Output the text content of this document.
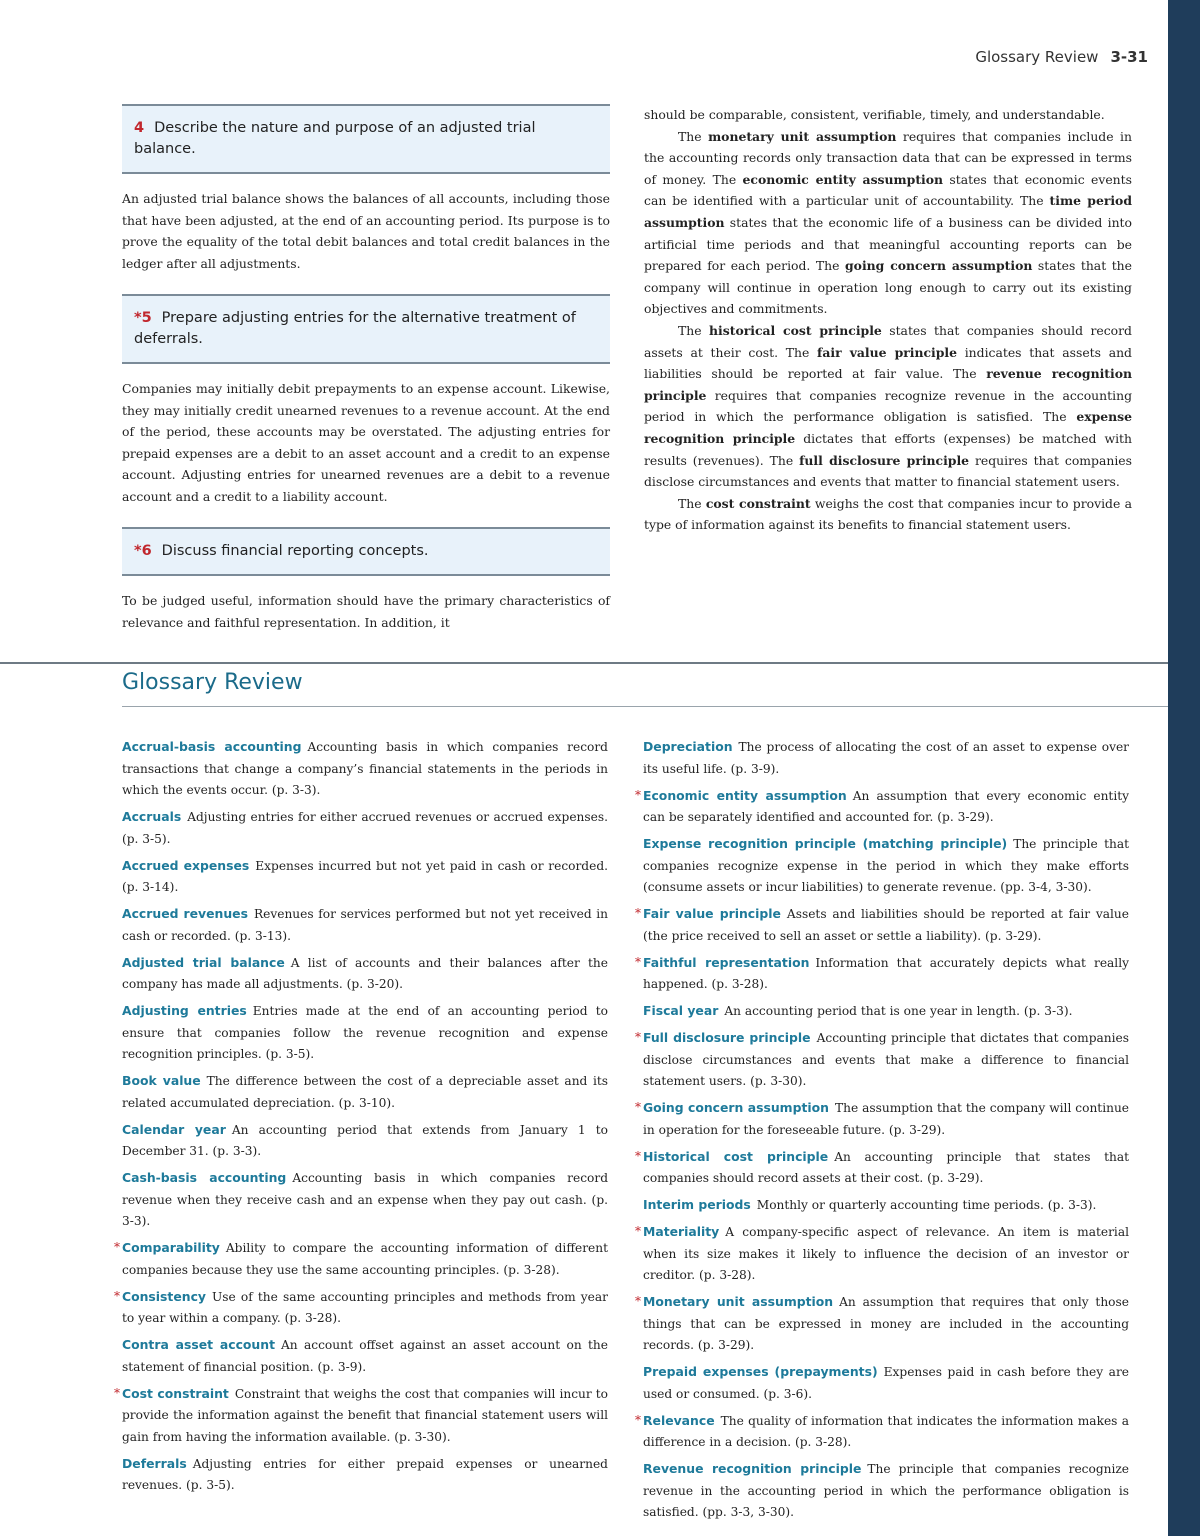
Glossary Review 3-31
4 Describe the nature and purpose of an adjusted trial balance.
An adjusted trial balance shows the balances of all accounts, including those that have been adjusted, at the end of an accounting period. Its purpose is to prove the equality of the total debit balances and total credit balances in the ledger after all adjustments.
*5 Prepare adjusting entries for the alternative treatment of deferrals.
Companies may initially debit prepayments to an expense account. Likewise, they may initially credit unearned revenues to a revenue account. At the end of the period, these accounts may be overstated. The adjusting entries for prepaid expenses are a debit to an asset account and a credit to an expense account. Adjusting entries for unearned revenues are a debit to a revenue account and a credit to a liability account.
*6 Discuss financial reporting concepts.
To be judged useful, information should have the primary characteristics of relevance and faithful representation. In addition, it

should be comparable, consistent, verifiable, timely, and understandable.

The monetary unit assumption requires that companies include in the accounting records only transaction data that can be expressed in terms of money. The economic entity assumption states that economic events can be identified with a particular unit of accountability. The time period assumption states that the economic life of a business can be divided into artificial time periods and that meaningful accounting reports can be prepared for each period. The going concern assumption states that the company will continue in operation long enough to carry out its existing objectives and commitments.

The historical cost principle states that companies should record assets at their cost. The fair value principle indicates that assets and liabilities should be reported at fair value. The revenue recognition principle requires that companies recognize revenue in the accounting period in which the performance obligation is satisfied. The expense recognition principle dictates that efforts (expenses) be matched with results (revenues). The full disclosure principle requires that companies disclose circumstances and events that matter to financial statement users.

The cost constraint weighs the cost that companies incur to provide a type of information against its benefits to financial statement users.

Glossary Review
Accrual-basis accounting Accounting basis in which companies record transactions that change a company’s financial statements in the periods in which the events occur. (p. 3-3).
Accruals Adjusting entries for either accrued revenues or accrued expenses. (p. 3-5).
Accrued expenses Expenses incurred but not yet paid in cash or recorded. (p. 3-14).
Accrued revenues Revenues for services performed but not yet received in cash or recorded. (p. 3-13).
Adjusted trial balance A list of accounts and their balances after the company has made all adjustments. (p. 3-20).
Adjusting entries Entries made at the end of an accounting period to ensure that companies follow the revenue recognition and expense recognition principles. (p. 3-5).
Book value The difference between the cost of a depreciable asset and its related accumulated depreciation. (p. 3-10).
Calendar year An accounting period that extends from January 1 to December 31. (p. 3-3).
Cash-basis accounting Accounting basis in which companies record revenue when they receive cash and an expense when they pay out cash. (p. 3-3).
* Comparability Ability to compare the accounting information of different companies because they use the same accounting principles. (p. 3-28).
* Consistency Use of the same accounting principles and methods from year to year within a company. (p. 3-28).
Contra asset account An account offset against an asset account on the statement of financial position. (p. 3-9).
* Cost constraint Constraint that weighs the cost that companies will incur to provide the information against the benefit that financial statement users will gain from having the information available. (p. 3-30).
Deferrals Adjusting entries for either prepaid expenses or unearned revenues. (p. 3-5).
Depreciation The process of allocating the cost of an asset to expense over its useful life. (p. 3-9).
* Economic entity assumption An assumption that every economic entity can be separately identified and accounted for. (p. 3-29).
Expense recognition principle (matching principle) The principle that companies recognize expense in the period in which they make efforts (consume assets or incur liabilities) to generate revenue. (pp. 3-4, 3-30).
* Fair value principle Assets and liabilities should be reported at fair value (the price received to sell an asset or settle a liability). (p. 3-29).
* Faithful representation Information that accurately depicts what really happened. (p. 3-28).
Fiscal year An accounting period that is one year in length. (p. 3-3).
* Full disclosure principle Accounting principle that dictates that companies disclose circumstances and events that make a difference to financial statement users. (p. 3-30).
* Going concern assumption The assumption that the company will continue in operation for the foreseeable future. (p. 3-29).
* Historical cost principle An accounting principle that states that companies should record assets at their cost. (p. 3-29).
Interim periods Monthly or quarterly accounting time periods. (p. 3-3).
* Materiality A company-specific aspect of relevance. An item is material when its size makes it likely to influence the decision of an investor or creditor. (p. 3-28).
* Monetary unit assumption An assumption that requires that only those things that can be expressed in money are included in the accounting records. (p. 3-29).
Prepaid expenses (prepayments) Expenses paid in cash before they are used or consumed. (p. 3-6).
* Relevance The quality of information that indicates the information makes a difference in a decision. (p. 3-28).
Revenue recognition principle The principle that companies recognize revenue in the accounting period in which the performance obligation is satisfied. (pp. 3-3, 3-30).
